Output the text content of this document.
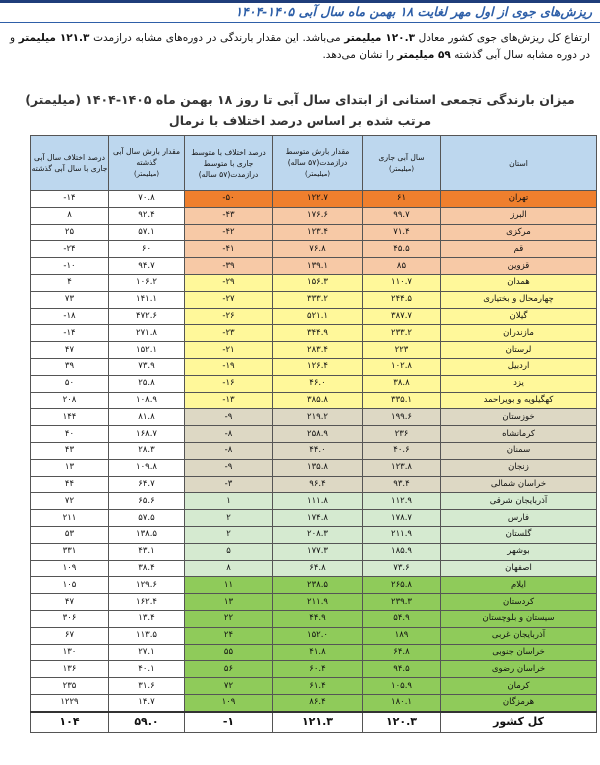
ریزش‌های جوی از اول مهر لغایت ۱۸ بهمن ماه سال آبی ۱۴۰۵-۱۴۰۴
ارتفاع کل ریزش‌های جوی کشور معادل ۱۲۰.۳ میلیمتر می‌باشد. این مقدار بارندگی در دوره‌های مشابه درازمدت ۱۲۱.۳ میلیمتر و در دوره مشابه سال آبی گذشته ۵۹ میلیمتر را نشان می‌دهد.
میزان بارندگی تجمعی استانی از ابتدای سال آبی تا روز ۱۸ بهمن ماه ۱۴۰۵-۱۴۰۴ (میلیمتر)
مرتب شده بر اساس درصد اختلاف با نرمال
درصد اختلاف سال آبی جاری با سال آبی گذشته	مقدار بارش سال آبی گذشته
(میلیمتر)	درصد اختلاف با متوسط جاری با متوسط درازمدت(۵۷ ساله)	مقدار بارش متوسط درازمدت(۵۷ ساله)
(میلیمتر)	سال آبی جاری
(میلیمتر)	استان
-۱۴	۷۰.۸	-۵۰	۱۲۲.۷	۶۱	تهران
۸	۹۲.۴	-۴۳	۱۷۶.۶	۹۹.۷	البرز
۲۵	۵۷.۱	-۴۲	۱۲۳.۴	۷۱.۴	مرکزی
-۲۴	۶۰	-۴۱	۷۶.۸	۴۵.۵	قم
-۱۰	۹۴.۷	-۳۹	۱۳۹.۱	۸۵	قزوین
۴	۱۰۶.۲	-۲۹	۱۵۶.۳	۱۱۰.۷	همدان
۷۳	۱۴۱.۱	-۲۷	۳۳۳.۲	۲۴۴.۵	چهارمحال و بختیاری
-۱۸	۴۷۲.۶	-۲۶	۵۲۱.۱	۳۸۷.۷	گیلان
-۱۴	۲۷۱.۸	-۲۳	۳۴۴.۹	۲۳۳.۲	مازندران
۴۷	۱۵۲.۱	-۲۱	۲۸۳.۴	۲۲۳	لرستان
۳۹	۷۳.۹	-۱۹	۱۲۶.۴	۱۰۲.۸	اردبیل
۵۰	۲۵.۸	-۱۶	۴۶.۰	۳۸.۸	یزد
۲۰۸	۱۰۸.۹	-۱۳	۳۸۵.۸	۳۳۵.۱	کهگیلویه و بویراحمد
۱۴۴	۸۱.۸	-۹	۲۱۹.۲	۱۹۹.۶	خوزستان
۴۰	۱۶۸.۷	-۸	۲۵۸.۹	۲۳۶	کرمانشاه
۴۳	۲۸.۳	-۸	۴۴.۰	۴۰.۶	سمنان
۱۳	۱۰۹.۸	-۹	۱۳۵.۸	۱۲۳.۸	زنجان
۴۴	۶۴.۷	-۳	۹۶.۴	۹۳.۴	خراسان شمالی
۷۲	۶۵.۶	۱	۱۱۱.۸	۱۱۲.۹	آذربایجان شرقی
۲۱۱	۵۷.۵	۲	۱۷۴.۸	۱۷۸.۷	فارس
۵۳	۱۳۸.۵	۲	۲۰۸.۳	۲۱۱.۹	گلستان
۳۳۱	۴۳.۱	۵	۱۷۷.۳	۱۸۵.۹	بوشهر
۱۰۹	۳۸.۴	۸	۶۴.۸	۷۳.۶	اصفهان
۱۰۵	۱۲۹.۶	۱۱	۲۳۸.۵	۲۶۵.۸	ایلام
۴۷	۱۶۲.۴	۱۳	۲۱۱.۹	۲۳۹.۳	کردستان
۳۰۶	۱۳.۴	۲۲	۴۴.۹	۵۴.۹	سیستان و بلوچستان
۶۷	۱۱۳.۵	۲۴	۱۵۲.۰	۱۸۹	آذربایجان غربی
۱۳۰	۲۷.۱	۵۵	۴۱.۸	۶۴.۸	خراسان جنوبی
۱۳۶	۴۰.۱	۵۶	۶۰.۴	۹۴.۵	خراسان رضوی
۲۳۵	۳۱.۶	۷۲	۶۱.۴	۱۰۵.۹	کرمان
۱۲۲۹	۱۴.۷	۱۰۹	۸۶.۴	۱۸۰.۱	هرمزگان
۱۰۴	۵۹.۰	-۱	۱۲۱.۳	۱۲۰.۳	کل کشور
